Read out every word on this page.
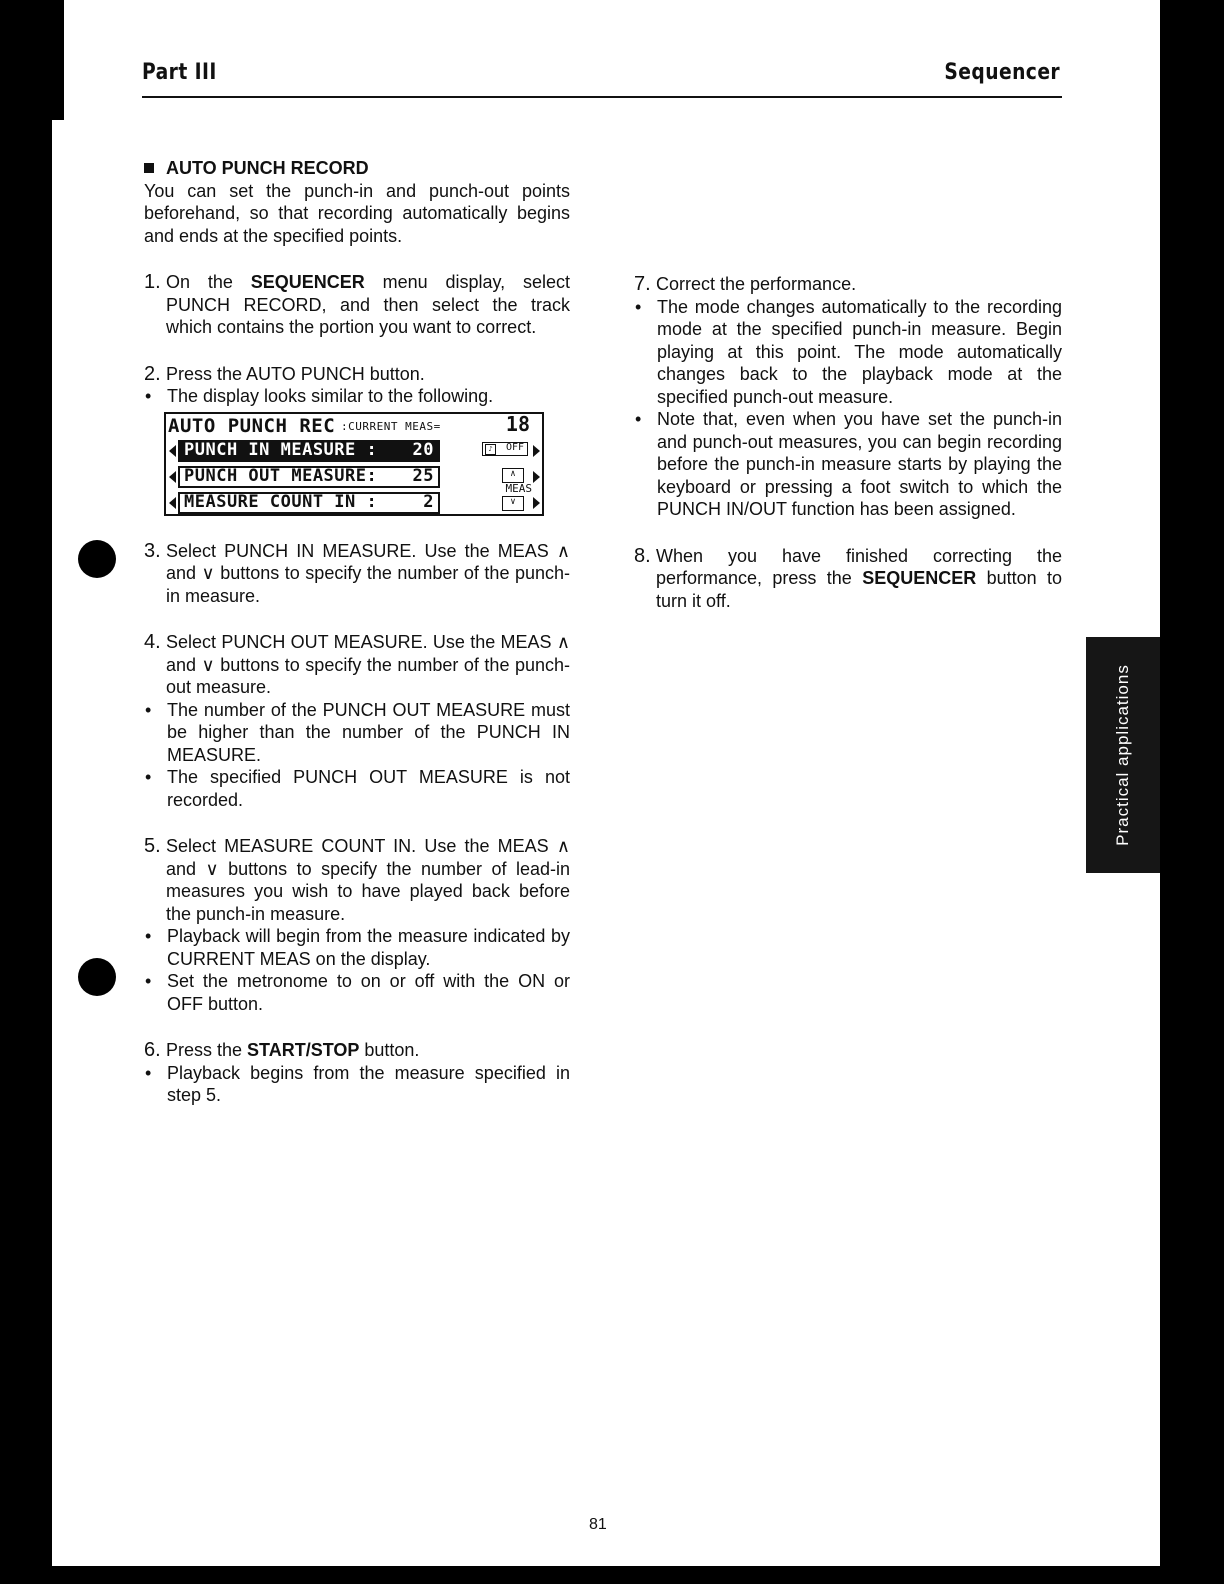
Part III	Sequencer
AUTO PUNCH RECORD
You can set the punch-in and punch-out points beforehand, so that recording automatically begins and ends at the specified points.
1. On the SEQUENCER menu display, select PUNCH RECORD, and then select the track which contains the portion you want to correct.
2. Press the AUTO PUNCH button.
• The display looks similar to the following.
AUTO PUNCH REC :CURRENT MEAS=	18
PUNCH IN MEASURE : 20	♪	OFF
PUNCH OUT MEASURE: 25	∧
MEASURE COUNT IN :	2	∨
MEAS
3. Select PUNCH IN MEASURE. Use the MEAS ∧ and ∨ buttons to specify the number of the punch-in measure.
4. Select PUNCH OUT MEASURE. Use the MEAS ∧ and ∨ buttons to specify the number of the punch-out measure.
• The number of the PUNCH OUT MEASURE must be higher than the number of the PUNCH IN MEASURE.
• The specified PUNCH OUT MEASURE is not recorded.
5. Select MEASURE COUNT IN. Use the MEAS ∧ and ∨ buttons to specify the number of lead-in measures you wish to have played back before the punch-in measure.
• Playback will begin from the measure indicated by CURRENT MEAS on the display.
• Set the metronome to on or off with the ON or OFF button.
6. Press the START/STOP button.
• Playback begins from the measure specified in step 5.
7. Correct the performance.
• The mode changes automatically to the recording mode at the specified punch-in measure. Begin playing at this point. The mode automatically changes back to the playback mode at the specified punch-out measure.
• Note that, even when you have set the punch-in and punch-out measures, you can begin recording before the punch-in measure starts by playing the keyboard or pressing a foot switch to which the PUNCH IN/OUT function has been assigned.
8. When you have finished correcting the performance, press the SEQUENCER button to turn it off.
81
Practical applications
